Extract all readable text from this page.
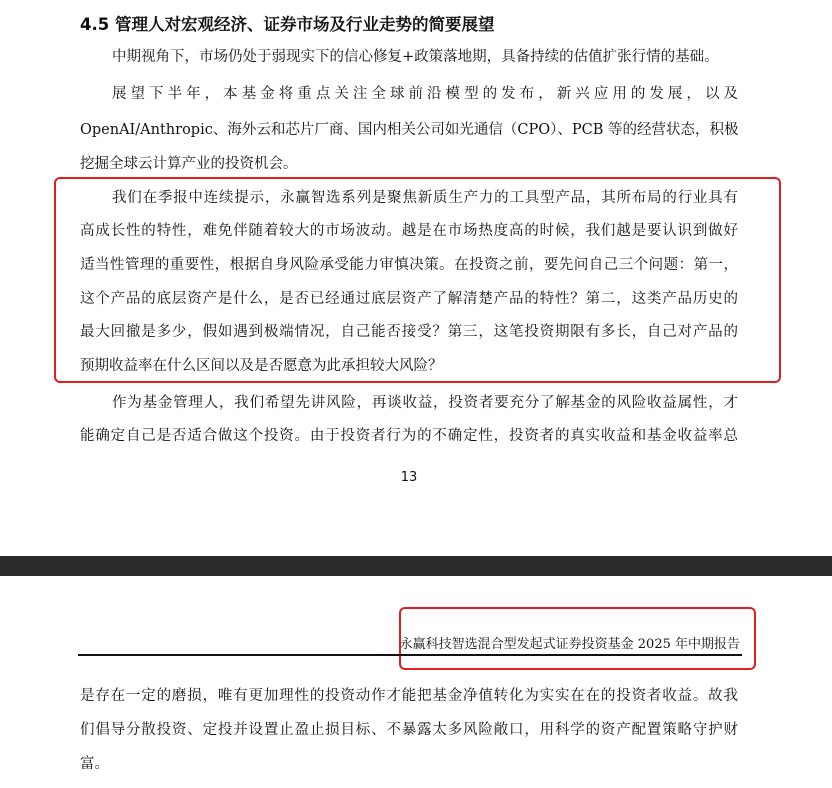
4.5 管理人对宏观经济、证券市场及行业走势的简要展望
中期视角下，市场仍处于弱现实下的信心修复+政策落地期，具备持续的估值扩张行情的基础。
展望下半年，本基金将重点关注全球前沿模型的发布，新兴应用的发展，以及
OpenAI/Anthropic、海外云和芯片厂商、国内相关公司如光通信（CPO）、PCB 等的经营状态，积极
挖掘全球云计算产业的投资机会。
我们在季报中连续提示，永赢智选系列是聚焦新质生产力的工具型产品，其所布局的行业具有
高成长性的特性，难免伴随着较大的市场波动。越是在市场热度高的时候，我们越是要认识到做好
适当性管理的重要性，根据自身风险承受能力审慎决策。在投资之前，要先问自己三个问题：第一，
这个产品的底层资产是什么，是否已经通过底层资产了解清楚产品的特性？第二，这类产品历史的
最大回撤是多少，假如遇到极端情况，自己能否接受？第三，这笔投资期限有多长，自己对产品的
预期收益率在什么区间以及是否愿意为此承担较大风险？
作为基金管理人，我们希望先讲风险，再谈收益，投资者要充分了解基金的风险收益属性，才
能确定自己是否适合做这个投资。由于投资者行为的不确定性，投资者的真实收益和基金收益率总
13
永赢科技智选混合型发起式证券投资基金 2025 年中期报告
是存在一定的磨损，唯有更加理性的投资动作才能把基金净值转化为实实在在的投资者收益。故我
们倡导分散投资、定投并设置止盈止损目标、不暴露太多风险敞口，用科学的资产配置策略守护财
富。
